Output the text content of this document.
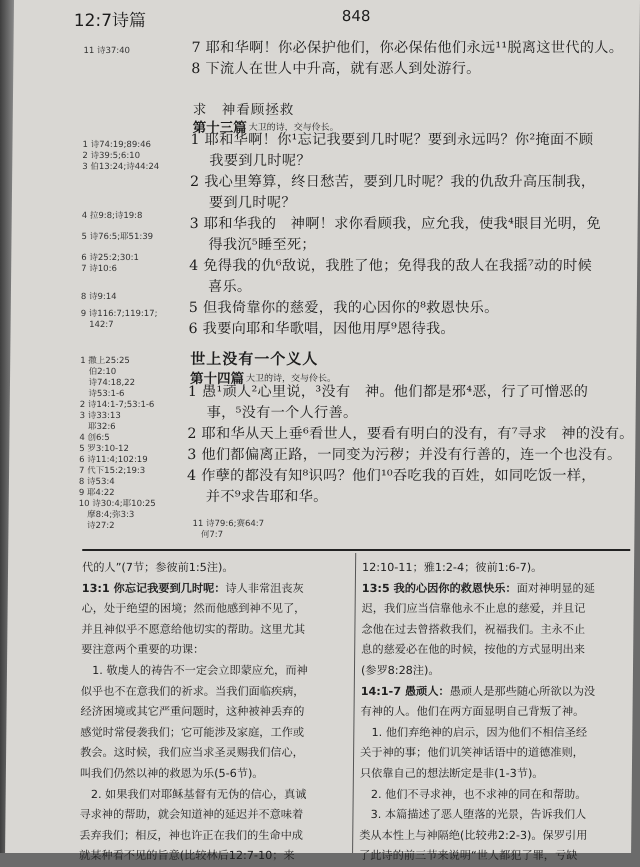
12:7诗篇	848
11 诗37:40	7 耶和华啊！你必保护他们，你必保佑他们永远¹¹脱离这世代的人。
8 下流人在世人中升高，就有恶人到处游行。
求　神看顾拯救
第十三篇 大卫的诗，交与伶长。
1 诗74:19;89:46
2 诗39:5;6:10
3 伯13:24;诗44:24
4 拉9:8;诗19:8
5 诗76:5;耶51:39
6 诗25:2;30:1
7 诗10:6
8 诗9:14
9 诗116:7;119:17;
　142:7
1 耶和华啊！你¹忘记我要到几时呢？要到永远吗？你²掩面不顾
我要到几时呢？
2 我心里筹算，终日愁苦，要到几时呢？我的仇敌升高压制我，
要到几时呢？
3 耶和华我的　神啊！求你看顾我，应允我，使我⁴眼目光明，免
得我沉⁵睡至死；
4 免得我的仇⁶敌说，我胜了他；免得我的敌人在我摇⁷动的时候
喜乐。
5 但我倚靠你的慈爱，我的心因你的⁸救恩快乐。
6 我要向耶和华歌唱，因他用厚⁹恩待我。
世上没有一个义人
第十四篇 大卫的诗，交与伶长。
1 撒上25:25
　伯2:10
　诗74:18,22
　诗53:1-6
2 诗14:1-7;53:1-6
3 诗33:13
　耶32:6
4 创6:5
5 罗3:10-12
6 诗11:4;102:19
7 代下15:2;19:3
8 诗53:4
9 耶4:22
10 诗30:4;耶10:25
　摩8:4;弥3:3
　诗27:2
1 愚¹顽人²心里说，³没有　神。他们都是邪⁴恶，行了可憎恶的
事，⁵没有一个人行善。
2 耶和华从天上垂⁶看世人，要看有明白的没有，有⁷寻求　神的没有。
3 他们都偏离正路，一同变为污秽；并没有行善的，连一个也没有。
4 作孽的都没有知⁸识吗？他们¹⁰吞吃我的百姓，如同吃饭一样，
并不⁹求告耶和华。
11 诗79:6;赛64:7
　何7:7
代的人”(7节；参彼前1:5注)。
13:1 你忘记我要到几时呢：诗人非常沮丧灰
心，处于绝望的困境；然而他感到神不见了，
并且神似乎不愿意给他切实的帮助。这里尤其
要注意两个重要的功课：
　1. 敬虔人的祷告不一定会立即蒙应允，而神
似乎也不在意我们的祈求。当我们面临疾病，
经济困境或其它严重问题时，这种被神丢弃的
感觉时常侵袭我们；它可能涉及家庭，工作或
教会。这时候，我们应当求圣灵赐我们信心，
叫我们仍然以神的救恩为乐(5-6节)。
　2. 如果我们对耶稣基督有无伪的信心，真诚
寻求神的帮助，就会知道神的延迟并不意味着
丢弃我们；相反，神也许正在我们的生命中成
就某种看不见的旨意(比较林后12:7-10；来
12:10-11；雅1:2-4；彼前1:6-7)。
13:5 我的心因你的救恩快乐：面对神明显的延
迟，我们应当信靠他永不止息的慈爱，并且记
念他在过去曾搭救我们，祝福我们。主永不止
息的慈爱必在他的时候，按他的方式显明出来
(参罗8:28注)。
14:1-7 愚顽人：愚顽人是那些随心所欲以为没
有神的人。他们在两方面显明自己背叛了神。
　1. 他们弃绝神的启示，因为他们不相信圣经
关于神的事；他们讥笑神话语中的道德准则，
只依靠自己的想法断定是非(1-3节)。
　2. 他们不寻求神，也不求神的同在和帮助。
　3. 本篇描述了恶人堕落的光景，告诉我们人
类从本性上与神隔绝(比较弗2:2-3)。保罗引用
了此诗的前三节来说明“世人都犯了罪，亏缺
